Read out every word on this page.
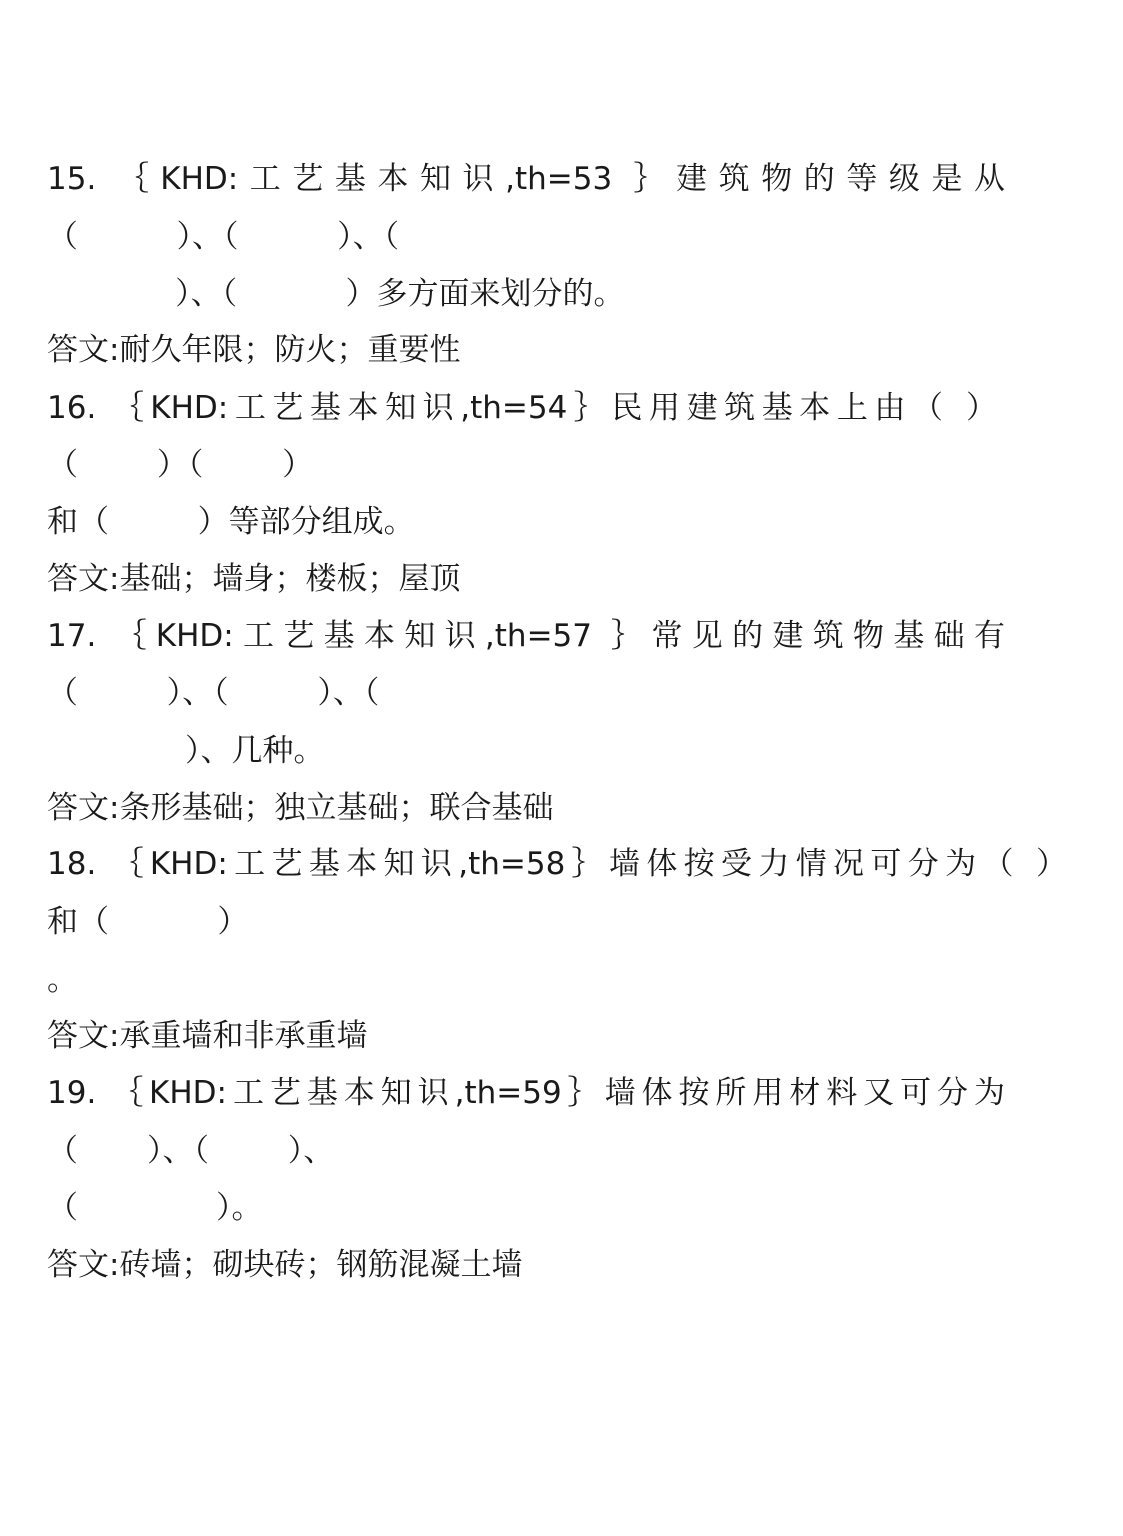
15. ｛KHD:工艺基本知识,th=53 ｝建筑物的等级是从
（          ）、（          ）、（
）、（           ）多方面来划分的。
答文:耐久年限；防火；重要性
16. ｛KHD:工艺基本知识,th=54｝民用建筑基本上由（ ）
（        ）（        ）
和（         ）等部分组成。
答文:基础；墙身；楼板；屋顶
17. ｛KHD:工艺基本知识,th=57 ｝常见的建筑物基础有
（         ）、（         ）、（
）、几种。
答文:条形基础；独立基础；联合基础
18. ｛KHD:工艺基本知识,th=58｝墙体按受力情况可分为（ ）
和（           ）
。
答文:承重墙和非承重墙
19. ｛KHD:工艺基本知识,th=59｝墙体按所用材料又可分为
（       ）、（        ）、
（              ）。
答文:砖墙；砌块砖；钢筋混凝土墙
